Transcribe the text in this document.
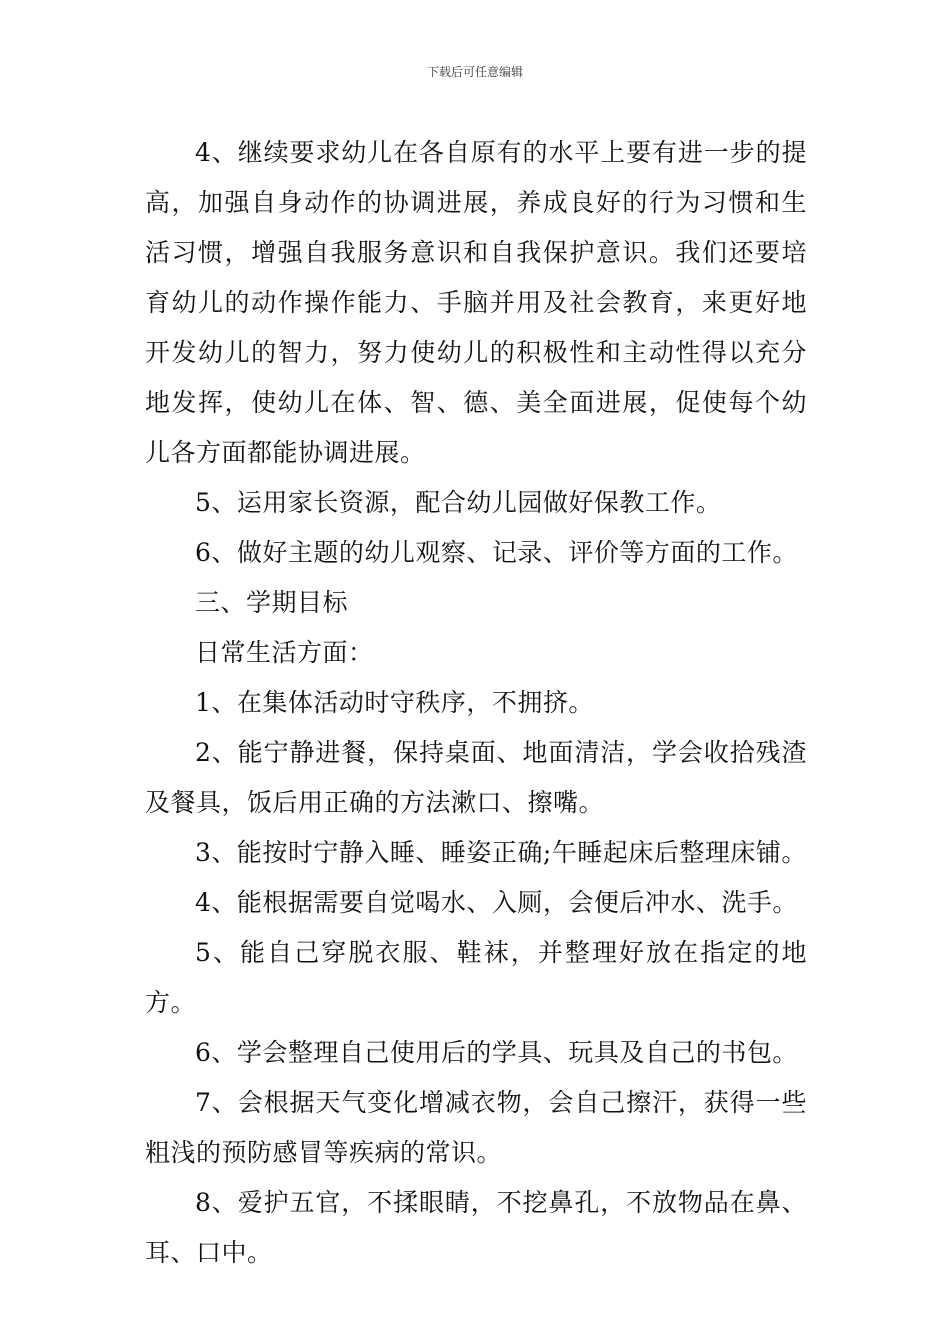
下载后可任意编辑

4、继续要求幼儿在各自原有的水平上要有进一步的提高，加强自身动作的协调进展，养成良好的行为习惯和生活习惯，增强自我服务意识和自我保护意识。我们还要培育幼儿的动作操作能力、手脑并用及社会教育，来更好地开发幼儿的智力，努力使幼儿的积极性和主动性得以充分地发挥，使幼儿在体、智、德、美全面进展，促使每个幼儿各方面都能协调进展。

5、运用家长资源，配合幼儿园做好保教工作。

6、做好主题的幼儿观察、记录、评价等方面的工作。

三、学期目标

日常生活方面：

1、在集体活动时守秩序，不拥挤。

2、能宁静进餐，保持桌面、地面清洁，学会收拾残渣及餐具，饭后用正确的方法漱口、擦嘴。

3、能按时宁静入睡、睡姿正确;午睡起床后整理床铺。

4、能根据需要自觉喝水、入厕，会便后冲水、洗手。

5、能自己穿脱衣服、鞋袜，并整理好放在指定的地方。

6、学会整理自己使用后的学具、玩具及自己的书包。

7、会根据天气变化增减衣物，会自己擦汗，获得一些粗浅的预防感冒等疾病的常识。

8、爱护五官，不揉眼睛，不挖鼻孔，不放物品在鼻、耳、口中。
